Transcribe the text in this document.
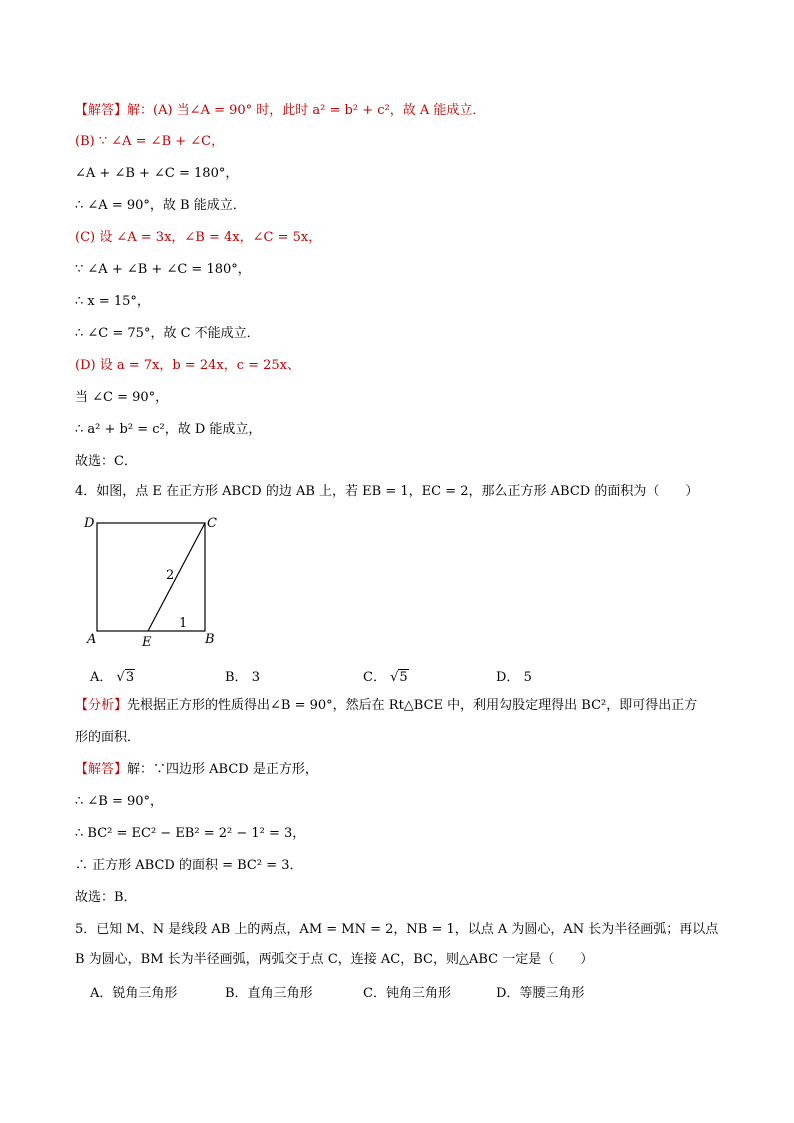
【解答】解：(A) 当∠A = 90° 时，此时 a² = b² + c²，故 A 能成立．
(B) ∵ ∠A = ∠B + ∠C，
∠A + ∠B + ∠C = 180°，
∴ ∠A = 90°，故 B 能成立．
(C) 设 ∠A = 3x，∠B = 4x，∠C = 5x，
∵ ∠A + ∠B + ∠C = 180°，
∴ x = 15°，
∴ ∠C = 75°，故 C 不能成立．
(D) 设 a = 7x，b = 24x，c = 25x、
当 ∠C = 90°，
∴ a² + b² = c²，故 D 能成立，
故选：C．
4．如图，点 E 在正方形 ABCD 的边 AB 上，若 EB = 1，EC = 2，那么正方形 ABCD 的面积为（　　）
D	C
A	B
E
2
1
A． √3	B． 3	C． √5	D． 5
【分析】先根据正方形的性质得出∠B = 90°，然后在 Rt△BCE 中，利用勾股定理得出 BC²，即可得出正方
形的面积．
【解答】解：∵四边形 ABCD 是正方形，
∴ ∠B = 90°，
∴ BC² = EC² − EB² = 2² − 1² = 3，
∴ 正方形 ABCD 的面积 = BC² = 3．
故选：B．
5．已知 M、N 是线段 AB 上的两点，AM = MN = 2，NB = 1，以点 A 为圆心，AN 长为半径画弧；再以点
B 为圆心，BM 长为半径画弧，两弧交于点 C，连接 AC，BC，则△ABC 一定是（　　）
A．锐角三角形	B．直角三角形	C．钝角三角形	D．等腰三角形
